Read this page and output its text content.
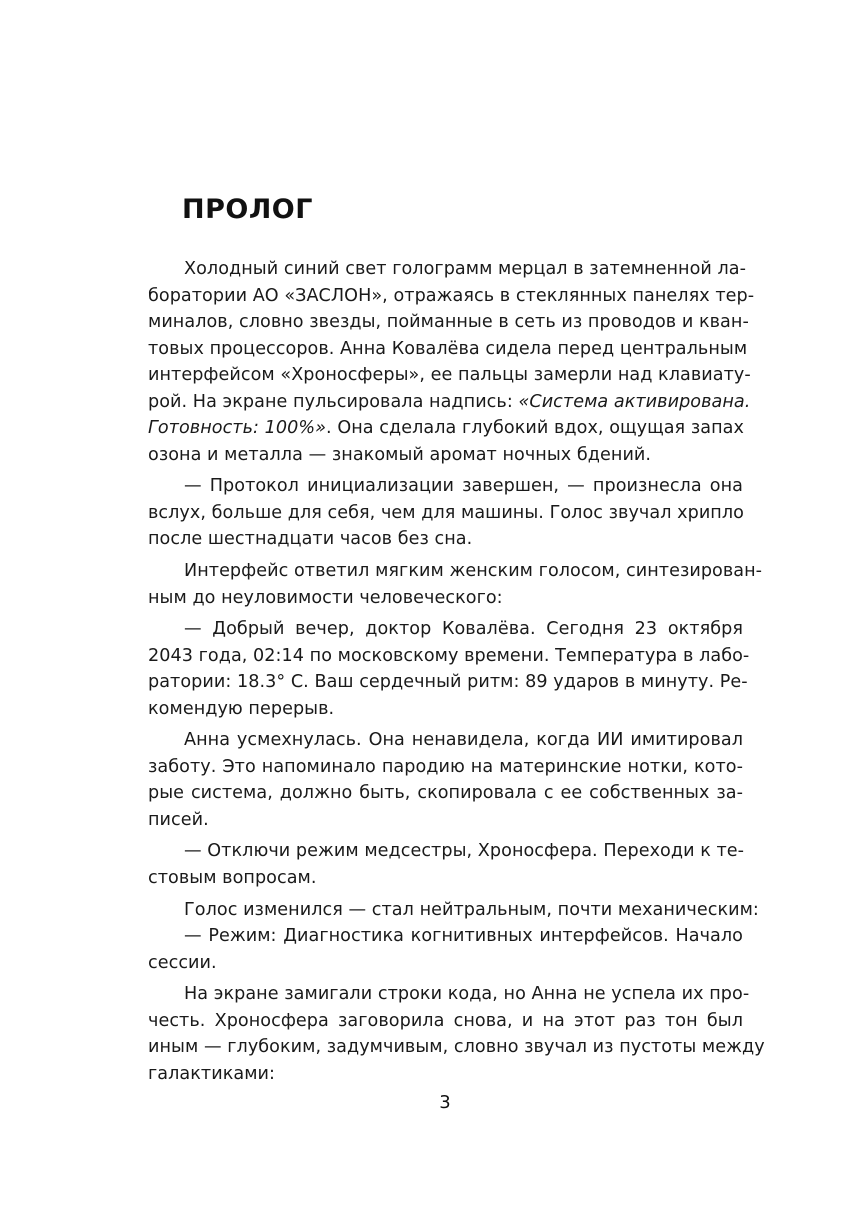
ПРОЛОГ
Холодный синий свет голограмм мерцал в затемненной ла-
боратории АО «ЗАСЛОН», отражаясь в стеклянных панелях тер-
миналов, словно звезды, пойманные в сеть из проводов и кван-
товых процессоров. Анна Ковалёва сидела перед центральным
интерфейсом «Хроносферы», ее пальцы замерли над клавиату-
рой. На экране пульсировала надпись: «Система активирована.
Готовность: 100%». Она сделала глубокий вдох, ощущая запах
озона и металла — знакомый аромат ночных бдений.
— Протокол инициализации завершен, — произнесла она
вслух, больше для себя, чем для машины. Голос звучал хрипло
после шестнадцати часов без сна.
Интерфейс ответил мягким женским голосом, синтезирован-
ным до неуловимости человеческого:
— Добрый вечер, доктор Ковалёва. Сегодня 23 октября
2043 года, 02:14 по московскому времени. Температура в лабо-
ратории: 18.3° С. Ваш сердечный ритм: 89 ударов в минуту. Ре-
комендую перерыв.
Анна усмехнулась. Она ненавидела, когда ИИ имитировал
заботу. Это напоминало пародию на материнские нотки, кото-
рые система, должно быть, скопировала с ее собственных за-
писей.
— Отключи режим медсестры, Хроносфера. Переходи к те-
стовым вопросам.
Голос изменился — стал нейтральным, почти механическим:
— Режим: Диагностика когнитивных интерфейсов. Начало
сессии.
На экране замигали строки кода, но Анна не успела их про-
честь. Хроносфера заговорила снова, и на этот раз тон был
иным — глубоким, задумчивым, словно звучал из пустоты между
галактиками:
3
